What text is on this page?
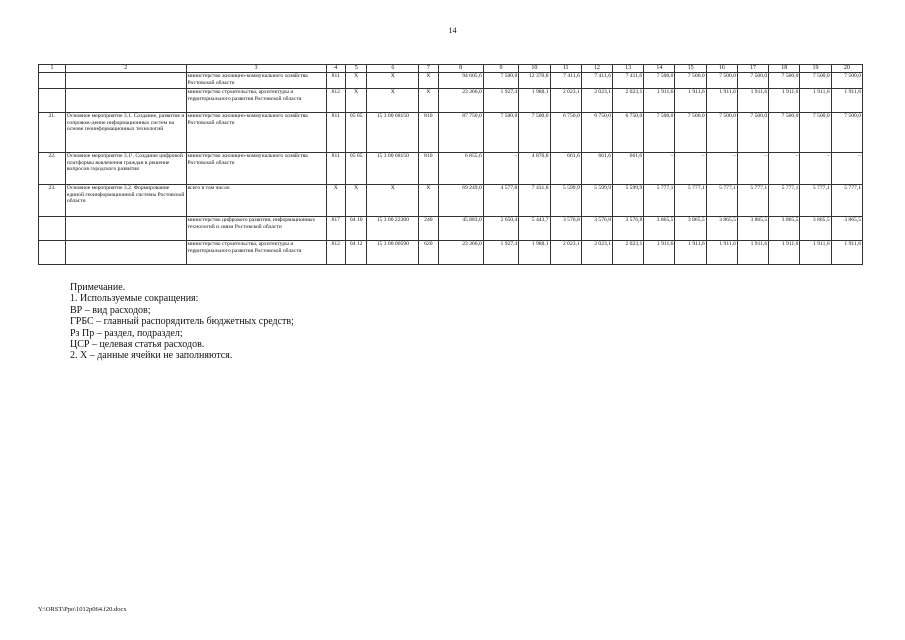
14
1	2	3	4	5	6	7	8	9	10	11	12	13	14	15	16	17	18	19	20
		министерство жилищно-коммунального хозяйства Ростовской области	811	X	X	X	94 605,6	7 500,0	12 370,8	7 411,6	7 411,6	7 411,6	7 500,0	7 500,0	7 500,0	7 500,0	7 500,0	7 500,0	7 500,0
		министерство строительства, архитектуры и территориального развития Ростовской области	812	X	X	X	23 366,0	1 927,4	1 988,1	2 023,1	2 023,1	2 023,1	1 911,6	1 911,6	1 911,6	1 911,6	1 911,6	1 911,6	1 911,6
21.	Основное мероприятие 3.1. Создание, развитие и сопровож-дение информационных систем на основе геоинформационных технологий	министерство жилищно-коммунального хозяйства Ростовской области	811	05 05	15 3 00 68150	810	87 750,0	7 500,0	7 500,0	6 750,0	6 750,0	6 750,0	7 500,0	7 500,0	7 500,0	7 500,0	7 500,0	7 500,0	7 500,0
22.	Основное мероприятие 3.1¹. Создание цифровой платформы вовлечения граждан в решение вопросов городского развития	министерство жилищно-коммунального хозяйства Ростовской области	811	05 05	15 3 00 68150	810	6 855,6	–	4 870,8	661,6	661,6	661,6	–	–	–	–	–	–	–
23.	Основное мероприятие 3.2. Формирование единой геоинформационной системы Ростовской области	всего в том числе:	X	X	X	X	69 249,0	4 577,8	7 431,8	5 599,9	5 599,9	5 599,9	5 777,1	5 777,1	5 777,1	5 777,1	5 777,1	5 777,1	5 777,1
		министерство цифрового развития, информационных технологий и связи Ростовской области	817	04 10	15 3 00 22380	240	45 883,0	2 650,4	5 443,7	3 576,8	3 576,8	3 576,8	3 865,5	3 865,5	3 865,5	3 865,5	3 865,5	3 865,5	3 865,5
		министерство строительства, архитектуры и территориального развития Ростовской области	812	04 12	15 3 00 00590	620	23 366,0	1 927,4	1 988,1	2 023,1	2 023,1	2 023,1	1 911,6	1 911,6	1 911,6	1 911,6	1 911,6	1 911,6	1 911,6
Примечание.
1. Используемые сокращения:
ВР – вид расходов;
ГРБС – главный распорядитель бюджетных средств;
Рз Пр – раздел, подраздел;
ЦСР – целевая статья расходов.
2. X – данные ячейки не заполняются.
Y:\ORST\Ppo\1012p064.f20.docx
